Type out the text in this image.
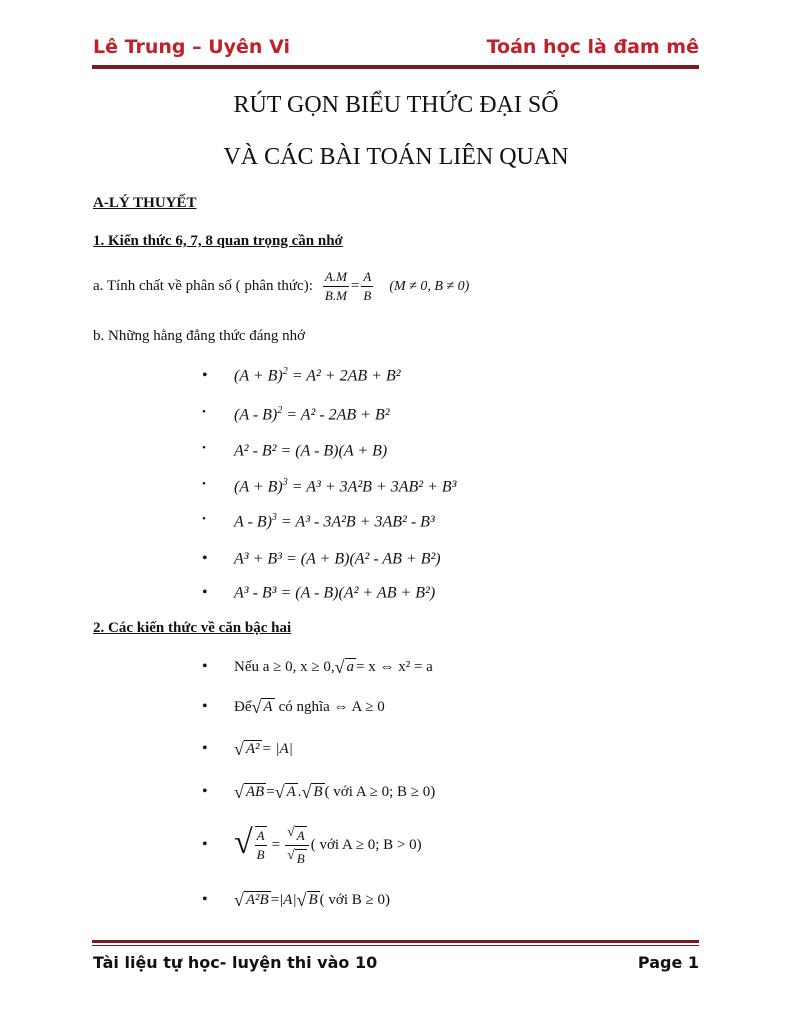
Lê Trung – Uyên Vi	Toán học là đam mê
RÚT GỌN BIỂU THỨC ĐẠI SỐ
VÀ CÁC BÀI TOÁN LIÊN QUAN
A-LÝ THUYẾT
1. Kiến thức 6, 7, 8 quan trọng cần nhớ
a. Tính chất về phân số ( phân thức): $\frac{A.M}{B.M} = \frac{A}{B} (M \ne 0$, B ≠ 0)
b. Những hằng đẳng thức đáng nhớ
•	$(A + B)^2 = A^2 + 2AB + B^2$
•	(A - B)$^2$ = A² - 2AB + B²
•	A² - B² = (A - B)(A + B)
•	$(A + B)^3 = A^3 + 3A^2B + 3AB^2 + B^3$
•	A - B)$^3$ = A³ - 3A²B + 3AB² - B³
•	A³ + B³ = (A + B)(A² - AB + B²)
•	A³ - B³ = (A - B)(A² + AB + B²)
2. Các kiến thức về căn bậc hai
•	Nếu a ≥ 0, x ≥ 0, √ a = x ⇔ x² = a
•	Để √ A có nghĩa ⇔ A ≥ 0
•	√ A² = |A|
•	√ AB = √ A . √ B ( với A ≥ 0; B ≥ 0)
• √ $\frac{A}{B} = \frac{√ A}{√ B}$ ( với A ≥ 0; B > 0)
•	√ A²B = |A| √ B ( với B ≥ 0)
Tài liệu tự học- luyện thi vào 10	Page 1
